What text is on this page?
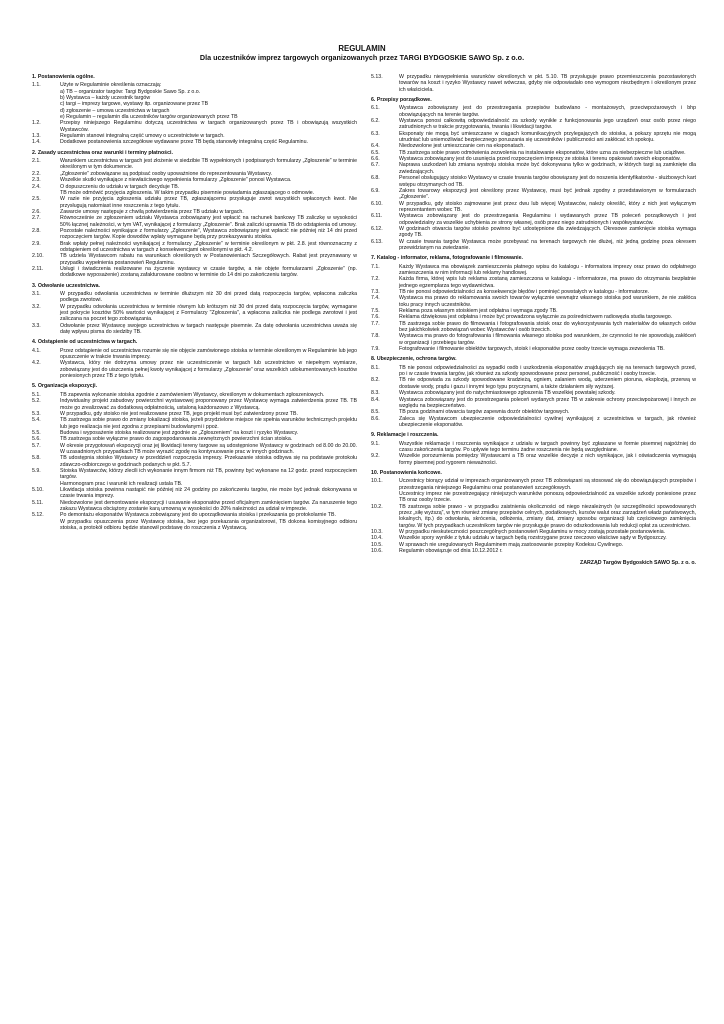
REGULAMIN
Dla uczestników imprez targowych organizowanych przez TARGI BYDGOSKIE SAWO Sp. z o.o.
1. Postanowienia ogólne.
1.1.	Użyte w Regulaminie określenia oznaczają:
a) TB – organizator targów: Targi Bydgoskie Sawo Sp. z o.o.
b) Wystawca – każdy uczestnik targów
c) targi – imprezy targowe, wystawy itp. organizowane przez TB
d) zgłoszenie – umowa uczestnictwa w targach
e) Regulamin – regulamin dla uczestników targów organizowanych przez TB
1.2.	Przepisy niniejszego Regulaminu dotyczą uczestnictwa w targach organizowanych przez TB i obowiązują wszystkich Wystawców.
1.3.	Regulamin stanowi integralną część umowy o uczestnictwie w targach.
1.4.	Dodatkowe postanowienia szczegółowe wydawane przez TB będą stanowiły integralną część Regulaminu.
2. Zasady uczestnictwa oraz warunki i terminy płatności.
2.1.	Warunkiem uczestnictwa w targach jest złożenie w siedzibie TB wypełnionych i podpisanych formularzy „Zgłoszenie” w terminie określonym w tym dokumencie.
2.2.	„Zgłoszenie” zobowiązane są podpisać osoby upoważnione do reprezentowania Wystawcy.
2.3.	Wszelkie skutki wynikające z niewłaściwego wypełnienia formularzy „Zgłoszenie” ponosi Wystawca.
2.4.	O dopuszczeniu do udziału w targach decyduje TB.
TB może odmówić przyjęcia zgłoszenia. W takim przypadku pisemnie powiadamia zgłaszającego o odmowie.
2.5.	W razie nie przyjęcia zgłoszenia udziału przez TB, zgłaszającemu przysługuje zwrot wszystkich wpłaconych kwot. Nie przysługują natomiast inne roszczenia z tego tytułu.
2.6.	Zawarcie umowy następuje z chwilą potwierdzenia przez TB udziału w targach.
2.7.	Równocześnie ze zgłoszeniem udziału Wystawca zobowiązany jest wpłacić na rachunek bankowy TB zaliczkę w wysokości 50% łącznej należności, w tym VAT, wynikającej z formularzy „Zgłoszenie”. Brak zaliczki uprawnia TB do odstąpienia od umowy.
2.8.	Pozostałe należności wynikające z formularzy „Zgłoszenie”, Wystawca zobowiązany jest wpłacić nie później niż 14 dni przed rozpoczęciem targów. Kopie dowodów wpłaty wymagane będą przy przekazywaniu stoiska.
2.9.	Brak wpłaty pełnej należności wynikającej z formularzy „Zgłoszenie” w terminie określonym w pkt. 2.8. jest równoznaczny z odstąpieniem od uczestnictwa w targach z konsekwencjami określonymi w pkt. 4.2.
2.10.	TB udziela Wystawcom rabatu na warunkach określonych w Postanowieniach Szczegółowych. Rabat jest przyznawany w przypadku wypełnienia postanowień Regulaminu.
2.11.	Usługi i świadczenia realizowane na życzenie wystawcy w czasie targów, a nie objęte formularzami „Zgłoszenie” (np. dodatkowe wyposażenie) zostaną zafakturowane osobno w terminie do 14 dni po zakończeniu targów.
3. Odwołanie uczestnictwa.
3.1.	W przypadku odwołania uczestnictwa w terminie dłuższym niż 30 dni przed datą rozpoczęcia targów, wpłacona zaliczka podlega zwrotowi.
3.2.	W przypadku odwołania uczestnictwa w terminie równym lub krótszym niż 30 dni przed datą rozpoczęcia targów, wymagane jest pokrycie kosztów 50% wartości wynikającej z Formularzy "Zgłoszenia", a wpłacona zaliczka nie podlega zwrotowi i jest zaliczana na poczet tego zobowiązania.
3.3.	Odwołanie przez Wystawcę swojego uczestnictwa w targach następuje pisemnie. Za datę odwołania uczestnictwa uważa się datę wpływu pisma do siedziby TB.
4. Odstąpienie od uczestnictwa w targach.
4.1.	Przez odstąpienie od uczestnictwa rozumie się nie objęcie zamówionego stoiska w terminie określonym w Regulaminie lub jego opuszczenie w trakcie trwania imprezy.
4.2.	Wystawca, który nie dotrzyma umowy przez nie uczestniczenie w targach lub uczestnictwo w niepełnym wymiarze, zobowiązany jest do uiszczenia pełnej kwoty wynikającej z formularzy „Zgłoszenie” oraz wszelkich udokumentowanych kosztów poniesionych przez TB z tego tytułu.
5. Organizacja ekspozycji.
5.1.	TB zapewnia wykonanie stoiska zgodnie z zamówieniem Wystawcy, określonym w dokumentach zgłoszeniowych.
5.2.	Indywidualny projekt zabudowy powierzchni wystawowej proponowany przez Wystawcę wymaga zatwierdzenia przez TB. TB może go zrealizować za dodatkową odpłatnością, ustaloną każdorazowo z Wystawcą.
5.3.	W przypadku, gdy stoisko nie jest realizowane przez TB, jego projekt musi być zatwierdzony przez TB.
5.4.	TB zastrzega sobie prawo do zmiany lokalizacji stoiska, jeżeli przydzielone miejsce nie spełnia warunków technicznych projektu lub jego realizacja nie jest zgodna z przepisami budowlanymi i ppoż.
5.5.	Budowa i wyposażenie stoiska realizowane jest zgodnie ze „Zgłoszeniem” na koszt i ryzyko Wystawcy.
5.6.	TB zastrzega sobie wyłączne prawo do zagospodarowania zewnętrznych powierzchni ścian stoiska.
5.7.	W okresie przygotowań ekspozycji oraz jej likwidacji tereny targowe są udostępnione Wystawcy w godzinach od 8.00 do 20.00. W uzasadnionych przypadkach TB może wyrazić zgodę na kontynuowanie prac w innych godzinach.
5.8.	TB udostępnia stoisko Wystawcy w przeddzień rozpoczęcia imprezy. Przekazanie stoiska odbywa się na podstawie protokołu zdawczo-odbiorczego w godzinach podanych w pkt. 5.7.
5.9.	Stoiska Wystawców, którzy zlecili ich wykonanie innym firmom niż TB, powinny być wykonane na 12 godz. przed rozpoczęciem targów.
Harmonogram prac i warunki ich realizacji ustala TB.
5.10.	Likwidacja stoiska powinna nastąpić nie później niż 24 godziny po zakończeniu targów, nie może być jednak dokonywana w czasie trwania imprezy.
5.11.	Niedozwolone jest demontowanie ekspozycji i usuwanie eksponatów przed oficjalnym zamknięciem targów. Za naruszenie tego zakazu Wystawca obciążony zostanie karą umowną w wysokości do 20% należności za udział w imprezie.
5.12.	Po demontażu eksponatów Wystawca zobowiązany jest do uporządkowania stoiska i przekazania go protokolarnie TB.
W przypadku opuszczenia przez Wystawcę stoiska, bez jego przekazania organizatorowi, TB dokona komisyjnego odbioru stoiska, a protokół odbioru będzie stanowił podstawę do roszczenia z Wystawcą.
5.13.	W przypadku niewypełnienia warunków określonych w pkt. 5.10. TB przysługuje prawo przemieszczenia pozostawionych towarów na koszt i ryzyko Wystawcy nawet wówczas, gdyby nie odpowiadało ono wymogom niezbędnym i określonym przez ich właściciela.
6. Przepisy porządkowe.
6.1.	Wystawca zobowiązany jest do przestrzegania przepisów budowlano - montażowych, przeciwpożarowych i bhp obowiązujących na terenie targów.
6.2.	Wystawca ponosi całkowitą odpowiedzialność za szkody wynikłe z funkcjonowania jego urządzeń oraz osób przez niego zatrudnionych w trakcie przygotowania, trwania i likwidacji targów.
6.3.	Eksponaty nie mogą być umieszczane w ciągach komunikacyjnych przylegających do stoiska, a pokazy sprzętu nie mogą utrudniać lub uniemożliwiać bezpiecznego poruszania się uczestników i publiczności ani zakłócać ich spokoju.
6.4.	Niedozwolone jest umieszczanie cen na eksponatach.
6.5.	TB zastrzega sobie prawo odmówienia zezwolenia na instalowanie eksponatów, które uzna za niebezpieczne lub uciążliwe.
6.6.	Wystawca zobowiązany jest do usunięcia przed rozpoczęciem imprezy ze stoiska i terenu opakowań swoich eksponatów.
6.7.	Naprawa uszkodzeń lub zmiana wystroju stoiska może być dokonywana tylko w godzinach, w których targi są zamknięte dla zwiedzających.
6.8.	Personel obsługujący stoisko Wystawcy w czasie trwania targów obowiązany jest do noszenia identyfikatorów - służbowych kart wstępu otrzymanych od TB.
6.9.	Zakres towarowy ekspozycji jest określony przez Wystawcę, musi być jednak zgodny z przedstawionym w formularzach „Zgłoszenie”.
6.10.	W przypadku, gdy stoisko zajmowane jest przez dwu lub więcej Wystawców, należy określić, który z nich jest wyłącznym reprezentantem wobec TB.
6.11.	Wystawca zobowiązany jest do przestrzegania Regulaminu i wydawanych przez TB poleceń porządkowych i jest odpowiedzialny za wszelkie uchybienia ze strony własnej, osób przez niego zatrudnionych i współwystawców.
6.12.	W godzinach otwarcia targów stoisko powinno być udostępnione dla zwiedzających. Okresowe zamknięcie stoiska wymaga zgody TB.
6.13.	W czasie trwania targów Wystawca może przebywać na terenach targowych nie dłużej, niż jedną godzinę poza okresem przewidzianym na zwiedzanie.
7. Katalog - informator, reklama, fotografowanie i filmowanie.
7.1.	Każdy Wystawca ma obowiązek zamieszczenia płatnego wpisu do katalogu - informatora imprezy oraz prawo do odpłatnego zamieszczenia w nim informacji lub reklamy handlowej.
7.2.	Każda firma, której wpis lub reklama zostaną zamieszczona w katalogu - informatorze, ma prawo do otrzymania bezpłatnie jednego egzemplarza tego wydawnictwa.
7.3.	TB nie ponosi odpowiedzialności za konsekwencje błędów i pominięć powstałych w katalogu - informatorze.
7.4.	Wystawca ma prawo do reklamowania swoich towarów wyłącznie wewnątrz własnego stoiska pod warunkiem, że nie zakłóca toku pracy innych uczestników.
7.5.	Reklama poza własnym stoiskiem jest odpłatna i wymaga zgody TB.
7.6.	Reklama dźwiękowa jest odpłatna i może być prowadzona wyłącznie za pośrednictwem radiowęzła studia targowego.
7.7.	TB zastrzega sobie prawo do filmowania i fotografowania stoisk oraz do wykorzystywania tych materiałów do własnych celów bez jakichkolwiek zobowiązań wobec Wystawców i osób trzecich.
7.8.	Wystawca ma prawo do fotografowania i filmowania własnego stoiska pod warunkiem, że czynności te nie spowodują zakłóceń w organizacji i przebiegu targów.
7.9.	Fotografowanie i filmowanie obiektów targowych, stoisk i eksponatów przez osoby trzecie wymaga zezwolenia TB.
8. Ubezpieczenie, ochrona targów.
8.1.	TB nie ponosi odpowiedzialności za wypadki osób i uszkodzenia eksponatów znajdujących się na terenach targowych przed, po i w czasie trwania targów, jak również za szkody spowodowane przez personel, publiczność i osoby trzecie.
8.2.	TB nie odpowiada za szkody spowodowane kradzieżą, ogniem, zalaniem wodą, uderzeniem pioruna, eksplozją, przerwą w dostawie wody, prądu i gazu i innymi tego typu przyczynami, a także działaniem siły wyższej.
8.3.	Wystawca zobowiązany jest do natychmiastowego zgłoszenia TB wszelkiej powstałej szkody.
8.4.	Wystawca zobowiązany jest do przestrzegania poleceń wydanych przez TB w zakresie ochrony przeciwpożarowej i innych ze względu na bezpieczeństwo.
8.5.	TB poza godzinami otwarcia targów zapewnia dozór obiektów targowych.
8.6.	Zaleca się Wystawcom ubezpieczenie odpowiedzialności cywilnej wynikającej z uczestnictwa w targach, jak również ubezpieczenie eksponatów.
9. Reklamacje i roszczenia.
9.1.	Wszystkie reklamacje i roszczenia wynikające z udziału w targach powinny być zgłaszane w formie pisemnej najpóźniej do czasu zakończenia targów. Po upływie tego terminu żadne roszczenia nie będą uwzględniane.
9.2.	Wszelkie porozumienia pomiędzy Wystawcami a TB oraz wszelkie decyzje z nich wynikające, jak i oświadczenia wymagają formy pisemnej pod rygorem nieważności.
10. Postanowienia końcowe.
10.1.	Uczestnicy biorący udział w imprezach organizowanych przez TB zobowiązani są stosować się do obowiązujących przepisów i przestrzegania niniejszego Regulaminu oraz postanowień szczegółowych.
Uczestnicy imprez nie przestrzegający niniejszych warunków ponoszą odpowiedzialność za wszelkie szkody poniesione przez TB oraz osoby trzecie.
10.2.	TB zastrzega sobie prawo - w przypadku zaistnienia okoliczności od niego niezależnych (w szczególności spowodowanych przez „siłę wyższą”, w tym również zmianę przepisów celnych, podatkowych, kursów walut oraz zarządzeń władz państwowych, lokalnych, itp.) do odwołania, skrócenia, odłożenia, zmiany dat, zmiany sposobu organizacji lub częściowego zamknięcia targów. W tych przypadkach uczestnikom targów nie przysługuje prawo do odszkodowania lub redukcji opłat za uczestnictwo.
10.3.	W przypadku nieskuteczności poszczególnych postanowień Regulaminu w mocy zostają pozostałe postanowienia.
10.4.	Wszelkie spory wynikłe z tytułu udziału w targach będą rozstrzygane przez rzeczowo właściwe sądy w Bydgoszczy.
10.5.	W sprawach nie uregulowanych Regulaminem mają zastosowanie przepisy Kodeksu Cywilnego.
10.6.	Regulamin obowiązuje od dnia 10.12.2012 r.
ZARZĄD Targów Bydgoskich SAWO Sp. z o. o.
